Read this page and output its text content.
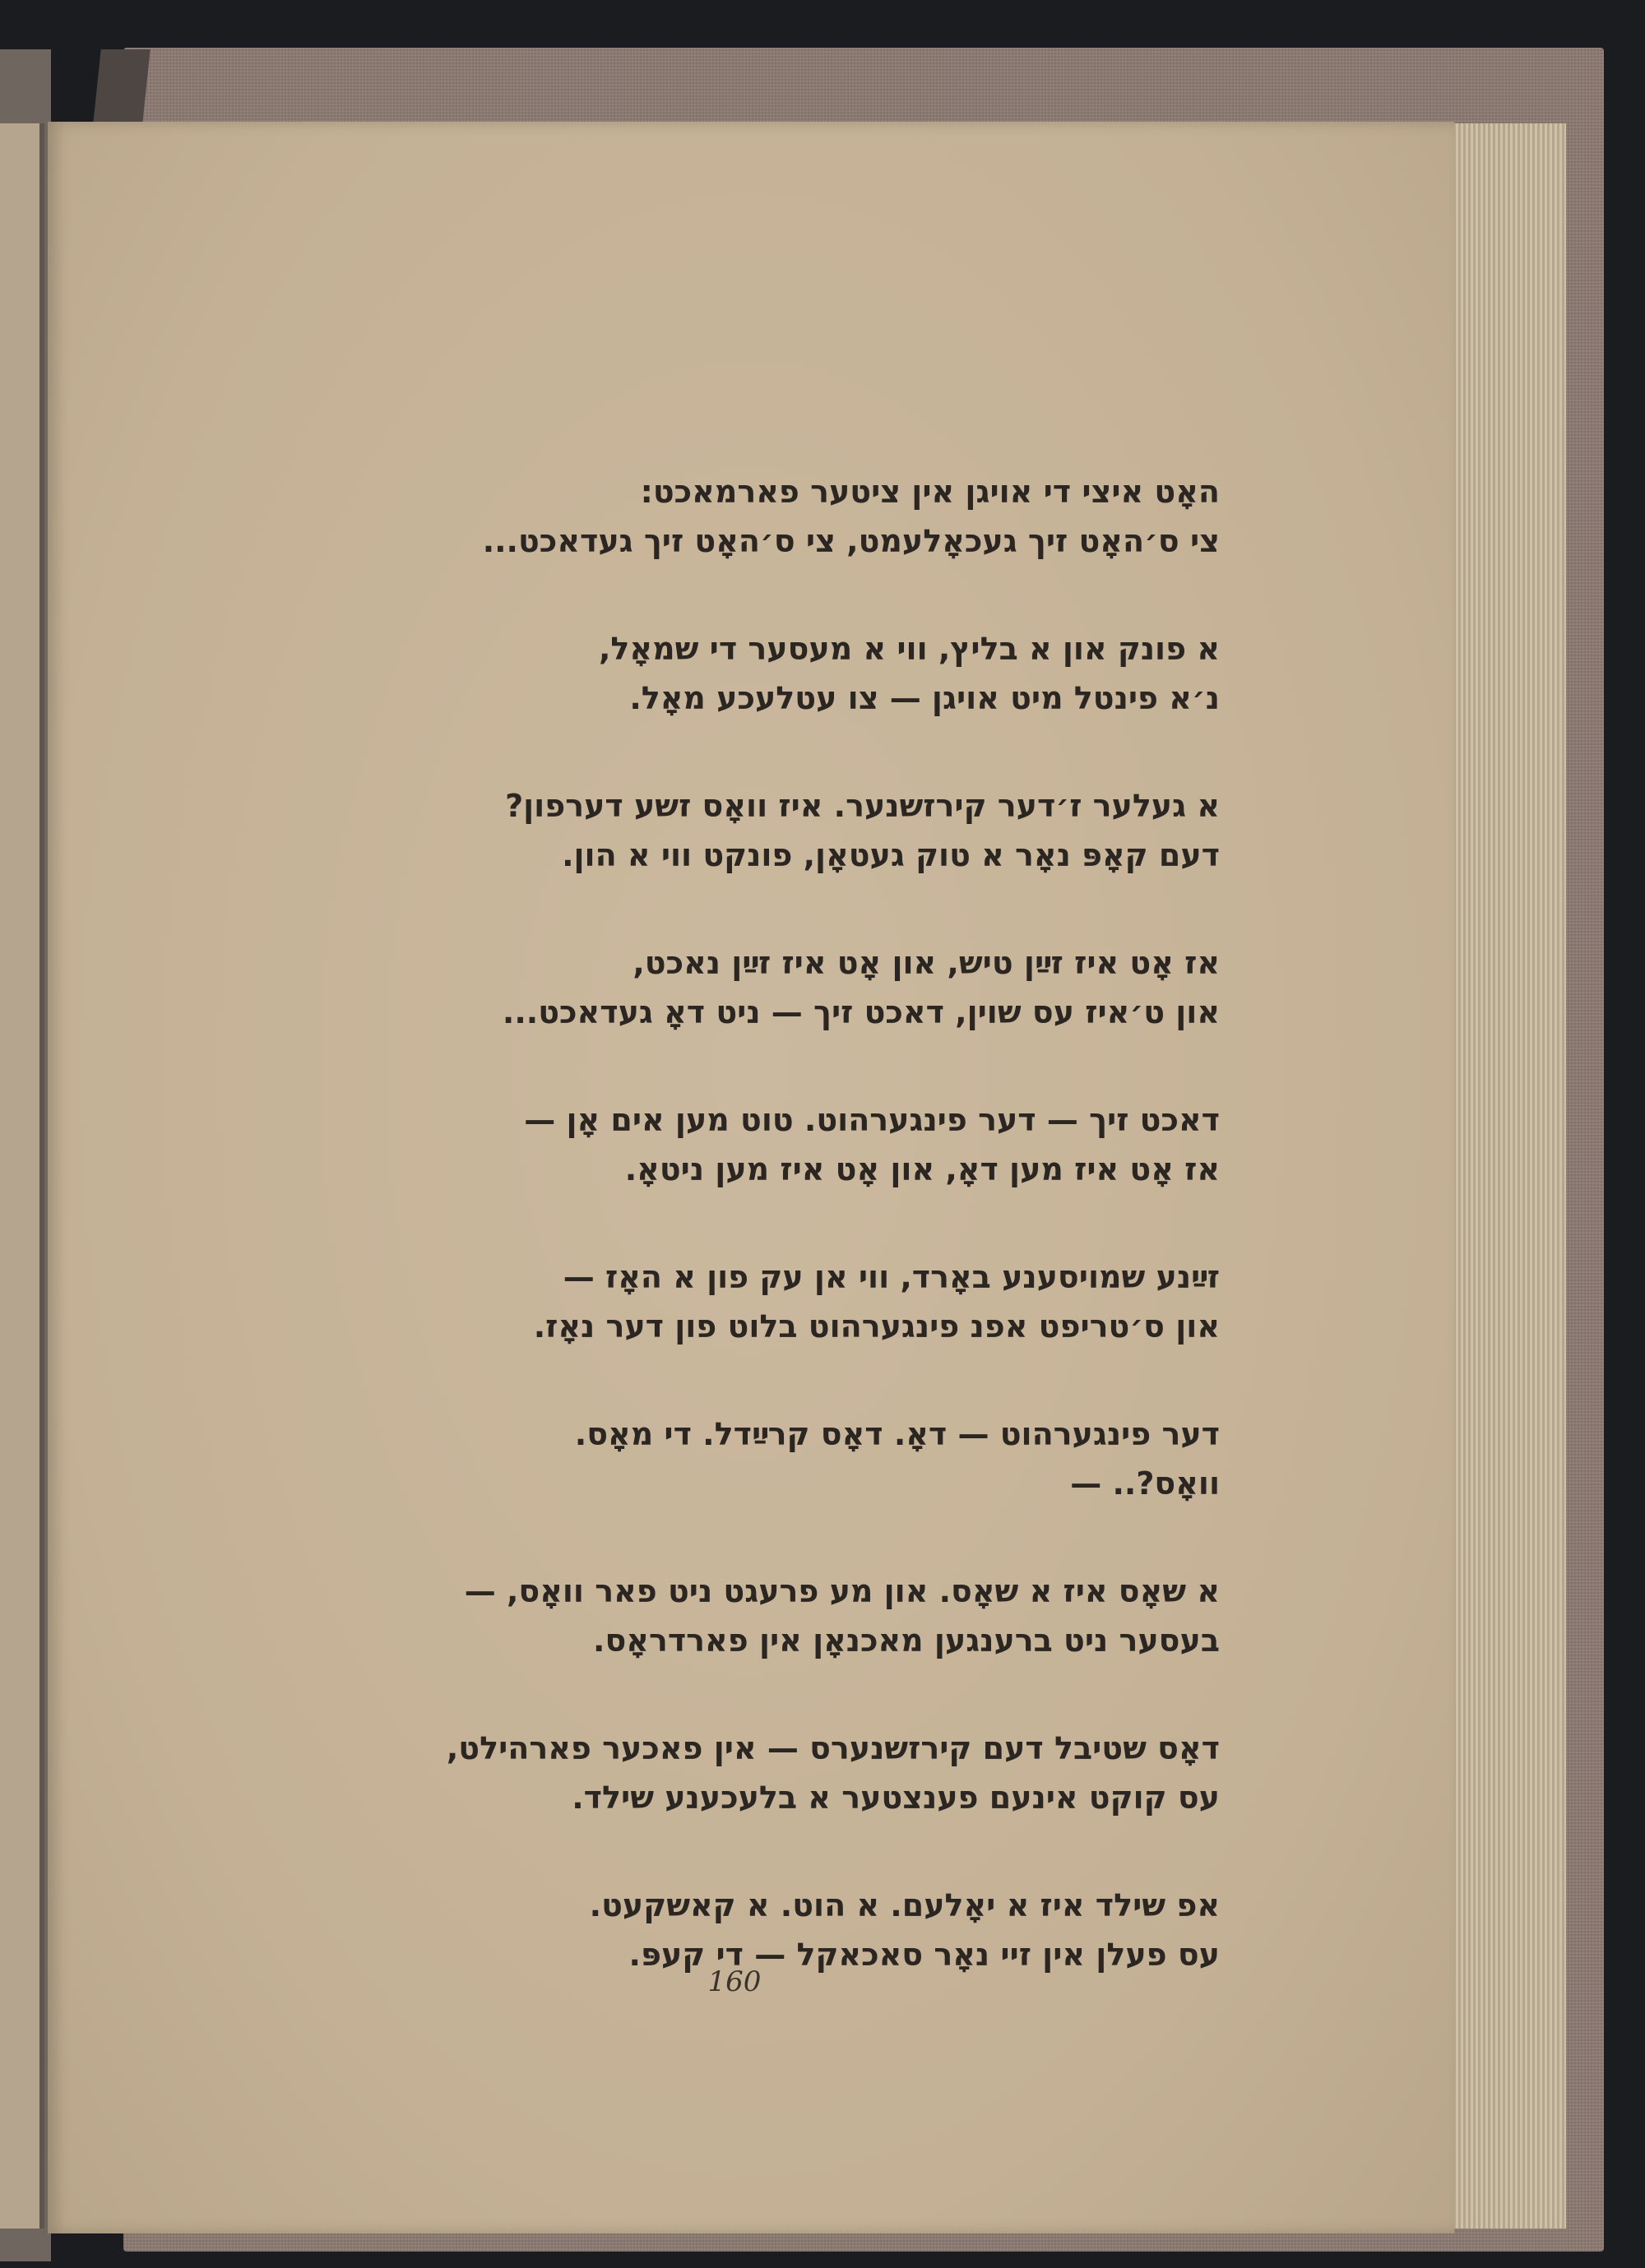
האָט איצי די אויגן אין ציטער פארמאכט:
צי ס׳האָט זיך געכאָלעמט, צי ס׳האָט זיך געדאכט...
א פונק און א בליץ, ווי א מעסער די שמאָל,
נ׳א פינטל מיט אויגן — צו עטלעכע מאָל.
א געלער ז׳דער קירזשנער. איז וואָס זשע דערפון?
דעם קאָפּ נאָר א טוק געטאָן, פונקט ווי א הון.
אז אָט איז זײַן טיש, און אָט איז זײַן נאכט,
און ט׳איז עס שוין, דאכט זיך — ניט דאָ געדאכט...
דאכט זיך — דער פינגערהוט. טוט מען אים אָן —
אז אָט איז מען דאָ, און אָט איז מען ניטאָ.
זײַנע שמויסענע באָרד, ווי אן עק פון א האָז —
און ס׳טריפט אפנ פינגערהוט בלוט פון דער נאָז.
דער פינגערהוט — דאָ. דאָס קרײַדל. די מאָס.
וואָס?.. —
א שאָס איז א שאָס. און מע פרעגט ניט פאר וואָס, —
בעסער ניט ברענגען מאכנאָן אין פארדראָס.
דאָס שטיבל דעם קירזשנערס — אין פאכער פארהילט,
עס קוקט אינעם פענצטער א בלעכענע שילד.
אפ שילד איז א יאָלעם. א הוט. א קאשקעט.
עס פעלן אין זיי נאָר סאכאקל — די קעפּ.
160
